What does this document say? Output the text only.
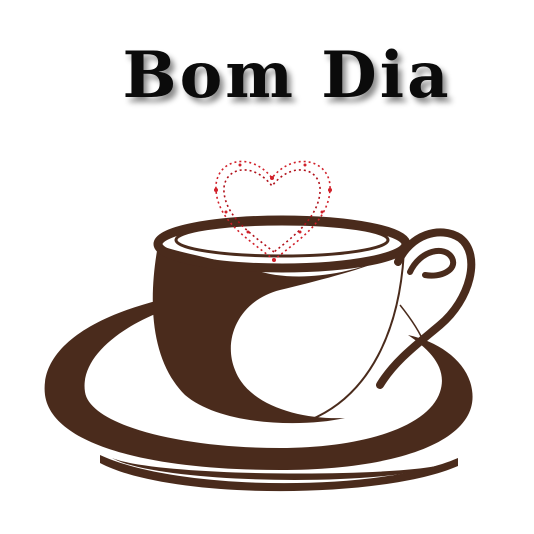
Bom Dia
